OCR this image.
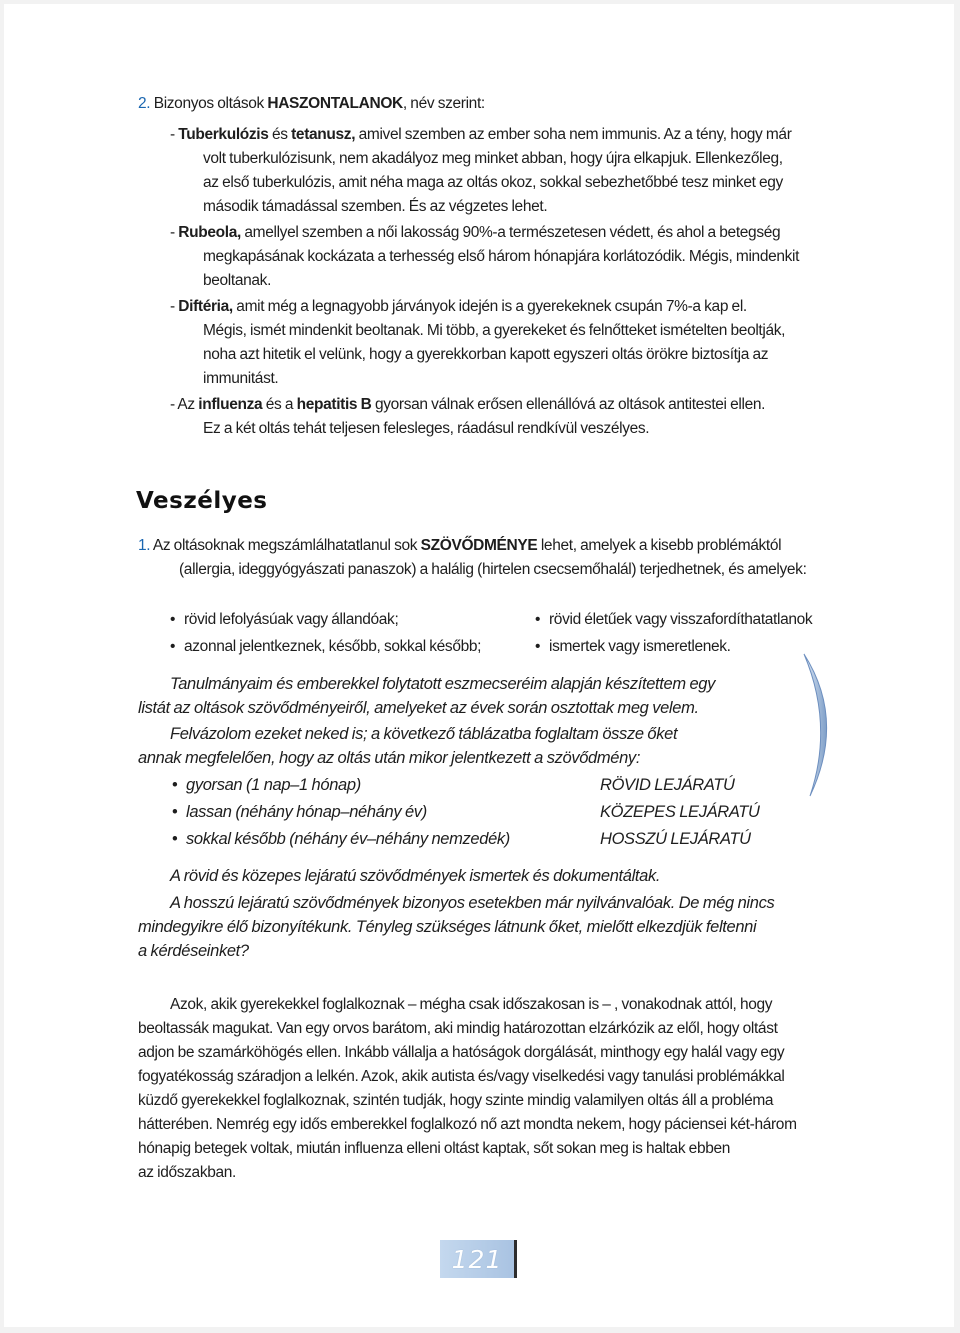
2. Bizonyos oltások HASZONTALANOK, név szerint:
- Tuberkulózis és tetanusz, amivel szemben az ember soha nem immunis. Az a tény, hogy már
volt tuberkulózisunk, nem akadályoz meg minket abban, hogy újra elkapjuk. Ellenkezőleg,
az első tuberkulózis, amit néha maga az oltás okoz, sokkal sebezhetőbbé tesz minket egy
második támadással szemben. És az végzetes lehet.
- Rubeola, amellyel szemben a női lakosság 90%-a természetesen védett, és ahol a betegség
megkapásának kockázata a terhesség első három hónapjára korlátozódik. Mégis, mindenkit
beoltanak.
- Diftéria, amit még a legnagyobb járványok idején is a gyerekeknek csupán 7%-a kap el.
Mégis, ismét mindenkit beoltanak. Mi több, a gyerekeket és felnőtteket ismételten beoltják,
noha azt hitetik el velünk, hogy a gyerekkorban kapott egyszeri oltás örökre biztosítja az
immunitást.
- Az influenza és a hepatitis B gyorsan válnak erősen ellenállóvá az oltások antitestei ellen.
Ez a két oltás tehát teljesen felesleges, ráadásul rendkívül veszélyes.
Veszélyes
1. Az oltásoknak megszámlálhatatlanul sok SZÖVŐDMÉNYE lehet, amelyek a kisebb problémáktól
(allergia, ideggyógyászati panaszok) a halálig (hirtelen csecsemőhalál) terjedhetnek, és amelyek:
• rövid lefolyásúak vagy állandóak;
• azonnal jelentkeznek, később, sokkal később;
• rövid életűek vagy visszafordíthatatlanok
• ismertek vagy ismeretlenek.
Tanulmányaim és emberekkel folytatott eszmecseréim alapján készítettem egy
listát az oltások szövődményeiről, amelyeket az évek során osztottak meg velem.
Felvázolom ezeket neked is; a következő táblázatba foglaltam össze őket
annak megfelelően, hogy az oltás után mikor jelentkezett a szövődmény:
• gyorsan (1 nap–1 hónap)	RÖVID LEJÁRATÚ
• lassan (néhány hónap–néhány év)	KÖZEPES LEJÁRATÚ
• sokkal később (néhány év–néhány nemzedék)	HOSSZÚ LEJÁRATÚ
A rövid és közepes lejáratú szövődmények ismertek és dokumentáltak.
A hosszú lejáratú szövődmények bizonyos esetekben már nyilvánvalóak. De még nincs
mindegyikre élő bizonyítékunk. Tényleg szükséges látnunk őket, mielőtt elkezdjük feltenni
a kérdéseinket?
Azok, akik gyerekekkel foglalkoznak – mégha csak időszakosan is – , vonakodnak attól, hogy
beoltassák magukat. Van egy orvos barátom, aki mindig határozottan elzárkózik az elől, hogy oltást
adjon be szamárköhögés ellen. Inkább vállalja a hatóságok dorgálását, minthogy egy halál vagy egy
fogyatékosság száradjon a lelkén. Azok, akik autista és/vagy viselkedési vagy tanulási problémákkal
küzdő gyerekekkel foglalkoznak, szintén tudják, hogy szinte mindig valamilyen oltás áll a probléma
hátterében. Nemrég egy idős emberekkel foglalkozó nő azt mondta nekem, hogy páciensei két-három
hónapig betegek voltak, miután influenza elleni oltást kaptak, sőt sokan meg is haltak ebben
az időszakban.
121
